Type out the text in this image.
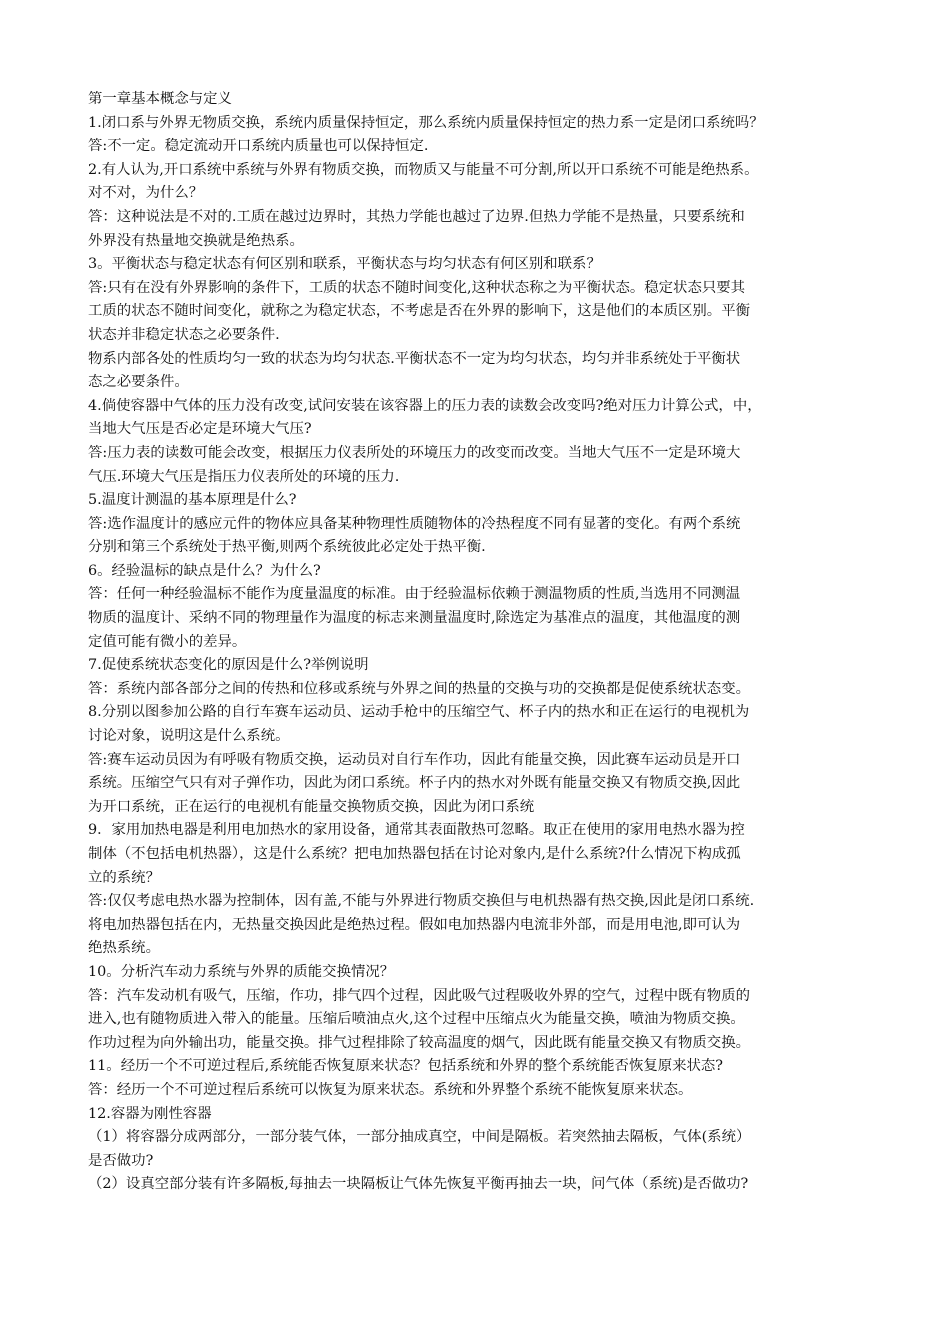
第一章基本概念与定义
1.闭口系与外界无物质交换，系统内质量保持恒定，那么系统内质量保持恒定的热力系一定是闭口系统吗？
答:不一定。稳定流动开口系统内质量也可以保持恒定.
2.有人认为,开口系统中系统与外界有物质交换，而物质又与能量不可分割,所以开口系统不可能是绝热系。
对不对，为什么？
答：这种说法是不对的.工质在越过边界时，其热力学能也越过了边界.但热力学能不是热量，只要系统和
外界没有热量地交换就是绝热系。
3。平衡状态与稳定状态有何区别和联系，平衡状态与均匀状态有何区别和联系？
答:只有在没有外界影响的条件下，工质的状态不随时间变化,这种状态称之为平衡状态。稳定状态只要其
工质的状态不随时间变化，就称之为稳定状态，不考虑是否在外界的影响下，这是他们的本质区别。平衡
状态并非稳定状态之必要条件.
物系内部各处的性质均匀一致的状态为均匀状态.平衡状态不一定为均匀状态，均匀并非系统处于平衡状
态之必要条件。
4.倘使容器中气体的压力没有改变,试问安装在该容器上的压力表的读数会改变吗?绝对压力计算公式，中，
当地大气压是否必定是环境大气压?
答:压力表的读数可能会改变，根据压力仪表所处的环境压力的改变而改变。当地大气压不一定是环境大
气压.环境大气压是指压力仪表所处的环境的压力.
5.温度计测温的基本原理是什么?
答:选作温度计的感应元件的物体应具备某种物理性质随物体的冷热程度不同有显著的变化。有两个系统
分别和第三个系统处于热平衡,则两个系统彼此必定处于热平衡.
6。经验温标的缺点是什么？为什么?
答：任何一种经验温标不能作为度量温度的标准。由于经验温标依赖于测温物质的性质,当选用不同测温
物质的温度计、采纳不同的物理量作为温度的标志来测量温度时,除选定为基准点的温度，其他温度的测
定值可能有微小的差异。
7.促使系统状态变化的原因是什么?举例说明
答：系统内部各部分之间的传热和位移或系统与外界之间的热量的交换与功的交换都是促使系统状态变。
8.分别以图参加公路的自行车赛车运动员、运动手枪中的压缩空气、杯子内的热水和正在运行的电视机为
讨论对象，说明这是什么系统。
答:赛车运动员因为有呼吸有物质交换，运动员对自行车作功，因此有能量交换，因此赛车运动员是开口
系统。压缩空气只有对子弹作功，因此为闭口系统。杯子内的热水对外既有能量交换又有物质交换,因此
为开口系统，正在运行的电视机有能量交换物质交换，因此为闭口系统
9．家用加热电器是利用电加热水的家用设备，通常其表面散热可忽略。取正在使用的家用电热水器为控
制体（不包括电机热器），这是什么系统？把电加热器包括在讨论对象内,是什么系统?什么情况下构成孤
立的系统？
答:仅仅考虑电热水器为控制体，因有盖,不能与外界进行物质交换但与电机热器有热交换,因此是闭口系统.
将电加热器包括在内，无热量交换因此是绝热过程。假如电加热器内电流非外部，而是用电池,即可认为
绝热系统。
10。分析汽车动力系统与外界的质能交换情况？
答：汽车发动机有吸气，压缩，作功，排气四个过程，因此吸气过程吸收外界的空气，过程中既有物质的
进入,也有随物质进入带入的能量。压缩后喷油点火,这个过程中压缩点火为能量交换，喷油为物质交换。
作功过程为向外输出功，能量交换。排气过程排除了较高温度的烟气，因此既有能量交换又有物质交换。
11。经历一个不可逆过程后,系统能否恢复原来状态？包括系统和外界的整个系统能否恢复原来状态?
答：经历一个不可逆过程后系统可以恢复为原来状态。系统和外界整个系统不能恢复原来状态。
12.容器为刚性容器
（1）将容器分成两部分，一部分装气体，一部分抽成真空，中间是隔板。若突然抽去隔板，气体(系统）
是否做功?
（2）设真空部分装有许多隔板,每抽去一块隔板让气体先恢复平衡再抽去一块，问气体（系统)是否做功?
